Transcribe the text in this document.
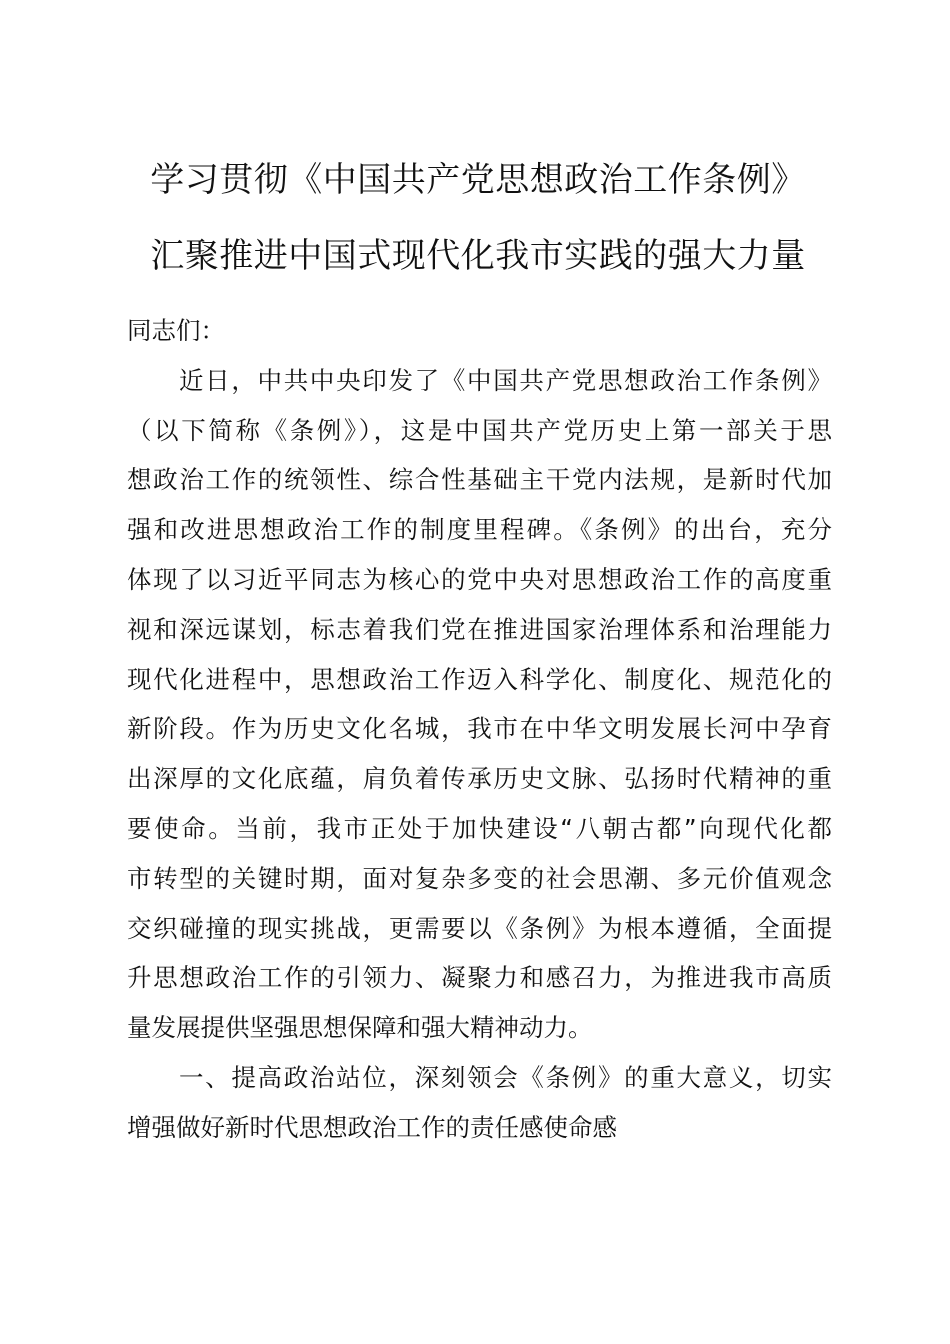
学习贯彻《中国共产党思想政治工作条例》
汇聚推进中国式现代化我市实践的强大力量
同志们：
近日，中共中央印发了《中国共产党思想政治工作条例》
（以下简称《条例》），这是中国共产党历史上第一部关于思
想政治工作的统领性、综合性基础主干党内法规，是新时代加
强和改进思想政治工作的制度里程碑。《条例》的出台，充分
体现了以习近平同志为核心的党中央对思想政治工作的高度重
视和深远谋划，标志着我们党在推进国家治理体系和治理能力
现代化进程中，思想政治工作迈入科学化、制度化、规范化的
新阶段。作为历史文化名城，我市在中华文明发展长河中孕育
出深厚的文化底蕴，肩负着传承历史文脉、弘扬时代精神的重
要使命。当前，我市正处于加快建设“八朝古都”向现代化都
市转型的关键时期，面对复杂多变的社会思潮、多元价值观念
交织碰撞的现实挑战，更需要以《条例》为根本遵循，全面提
升思想政治工作的引领力、凝聚力和感召力，为推进我市高质
量发展提供坚强思想保障和强大精神动力。
一、提高政治站位，深刻领会《条例》的重大意义，切实
增强做好新时代思想政治工作的责任感使命感
